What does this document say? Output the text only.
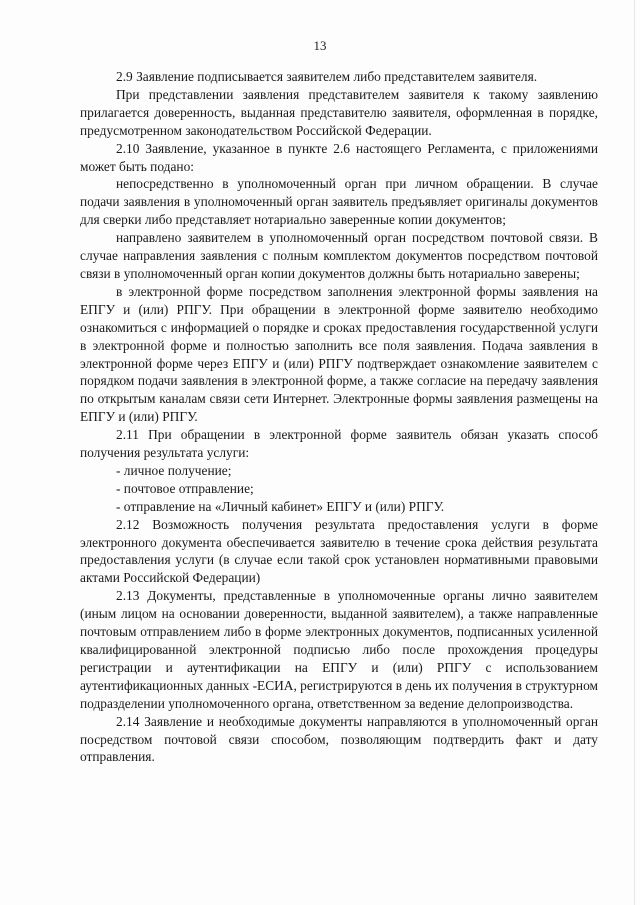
13

2.9 Заявление подписывается заявителем либо представителем заявителя.

При представлении заявления представителем заявителя к такому заявлению прилагается доверенность, выданная представителю заявителя, оформленная в порядке, предусмотренном законодательством Российской Федерации.

2.10 Заявление, указанное в пункте 2.6 настоящего Регламента, с приложениями может быть подано:

непосредственно в уполномоченный орган при личном обращении. В случае подачи заявления в уполномоченный орган заявитель предъявляет оригиналы документов для сверки либо представляет нотариально заверенные копии документов;

направлено заявителем в уполномоченный орган посредством почтовой связи. В случае направления заявления с полным комплектом документов посредством почтовой связи в уполномоченный орган копии документов должны быть нотариально заверены;

в электронной форме посредством заполнения электронной формы заявления на ЕПГУ и (или) РПГУ. При обращении в электронной форме заявителю необходимо ознакомиться с информацией о порядке и сроках предоставления государственной услуги в электронной форме и полностью заполнить все поля заявления. Подача заявления в электронной форме через ЕПГУ и (или) РПГУ подтверждает ознакомление заявителем с порядком подачи заявления в электронной форме, а также согласие на передачу заявления по открытым каналам связи сети Интернет. Электронные формы заявления размещены на ЕПГУ и (или) РПГУ.

2.11 При обращении в электронной форме заявитель обязан указать способ получения результата услуги:

- личное получение;

- почтовое отправление;

- отправление на «Личный кабинет» ЕПГУ и (или) РПГУ.

2.12 Возможность получения результата предоставления услуги в форме электронного документа обеспечивается заявителю в течение срока действия результата предоставления услуги (в случае если такой срок установлен нормативными правовыми актами Российской Федерации)

2.13 Документы, представленные в уполномоченные органы лично заявителем (иным лицом на основании доверенности, выданной заявителем), а также направленные почтовым отправлением либо в форме электронных документов, подписанных усиленной квалифицированной электронной подписью либо после прохождения процедуры регистрации и аутентификации на ЕПГУ и (или) РПГУ с использованием аутентификационных данных -ЕСИА, регистрируются в день их получения в структурном подразделении уполномоченного органа, ответственном за ведение делопроизводства.

2.14 Заявление и необходимые документы направляются в уполномоченный орган посредством почтовой связи способом, позволяющим подтвердить факт и дату отправления.
